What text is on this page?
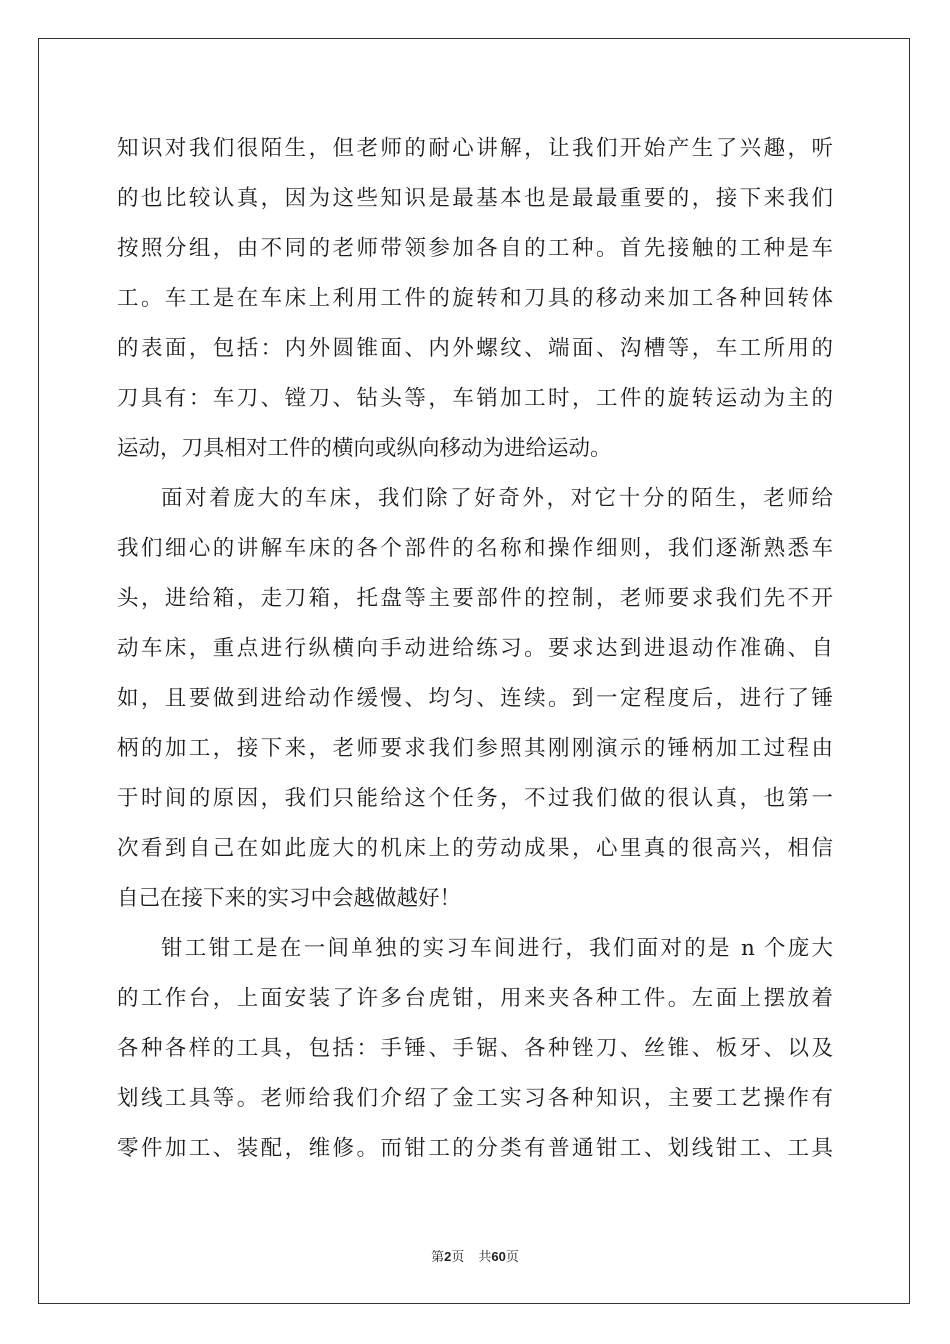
知识对我们很陌生，但老师的耐心讲解，让我们开始产生了兴趣，听
的也比较认真，因为这些知识是最基本也是最最重要的，接下来我们
按照分组，由不同的老师带领参加各自的工种。首先接触的工种是车
工。车工是在车床上利用工件的旋转和刀具的移动来加工各种回转体
的表面，包括：内外圆锥面、内外螺纹、端面、沟槽等，车工所用的
刀具有：车刀、镗刀、钻头等，车销加工时，工件的旋转运动为主的
运动，刀具相对工件的横向或纵向移动为进给运动。
面对着庞大的车床，我们除了好奇外，对它十分的陌生，老师给
我们细心的讲解车床的各个部件的名称和操作细则，我们逐渐熟悉车
头，进给箱，走刀箱，托盘等主要部件的控制，老师要求我们先不开
动车床，重点进行纵横向手动进给练习。要求达到进退动作准确、自
如，且要做到进给动作缓慢、均匀、连续。到一定程度后，进行了锤
柄的加工，接下来，老师要求我们参照其刚刚演示的锤柄加工过程由
于时间的原因，我们只能给这个任务，不过我们做的很认真，也第一
次看到自己在如此庞大的机床上的劳动成果，心里真的很高兴，相信
自己在接下来的实习中会越做越好！
钳工钳工是在一间单独的实习车间进行，我们面对的是 n 个庞大
的工作台，上面安装了许多台虎钳，用来夹各种工件。左面上摆放着
各种各样的工具，包括：手锤、手锯、各种锉刀、丝锥、板牙、以及
划线工具等。老师给我们介绍了金工实习各种知识，主要工艺操作有
零件加工、装配，维修。而钳工的分类有普通钳工、划线钳工、工具
第2页 共60页
